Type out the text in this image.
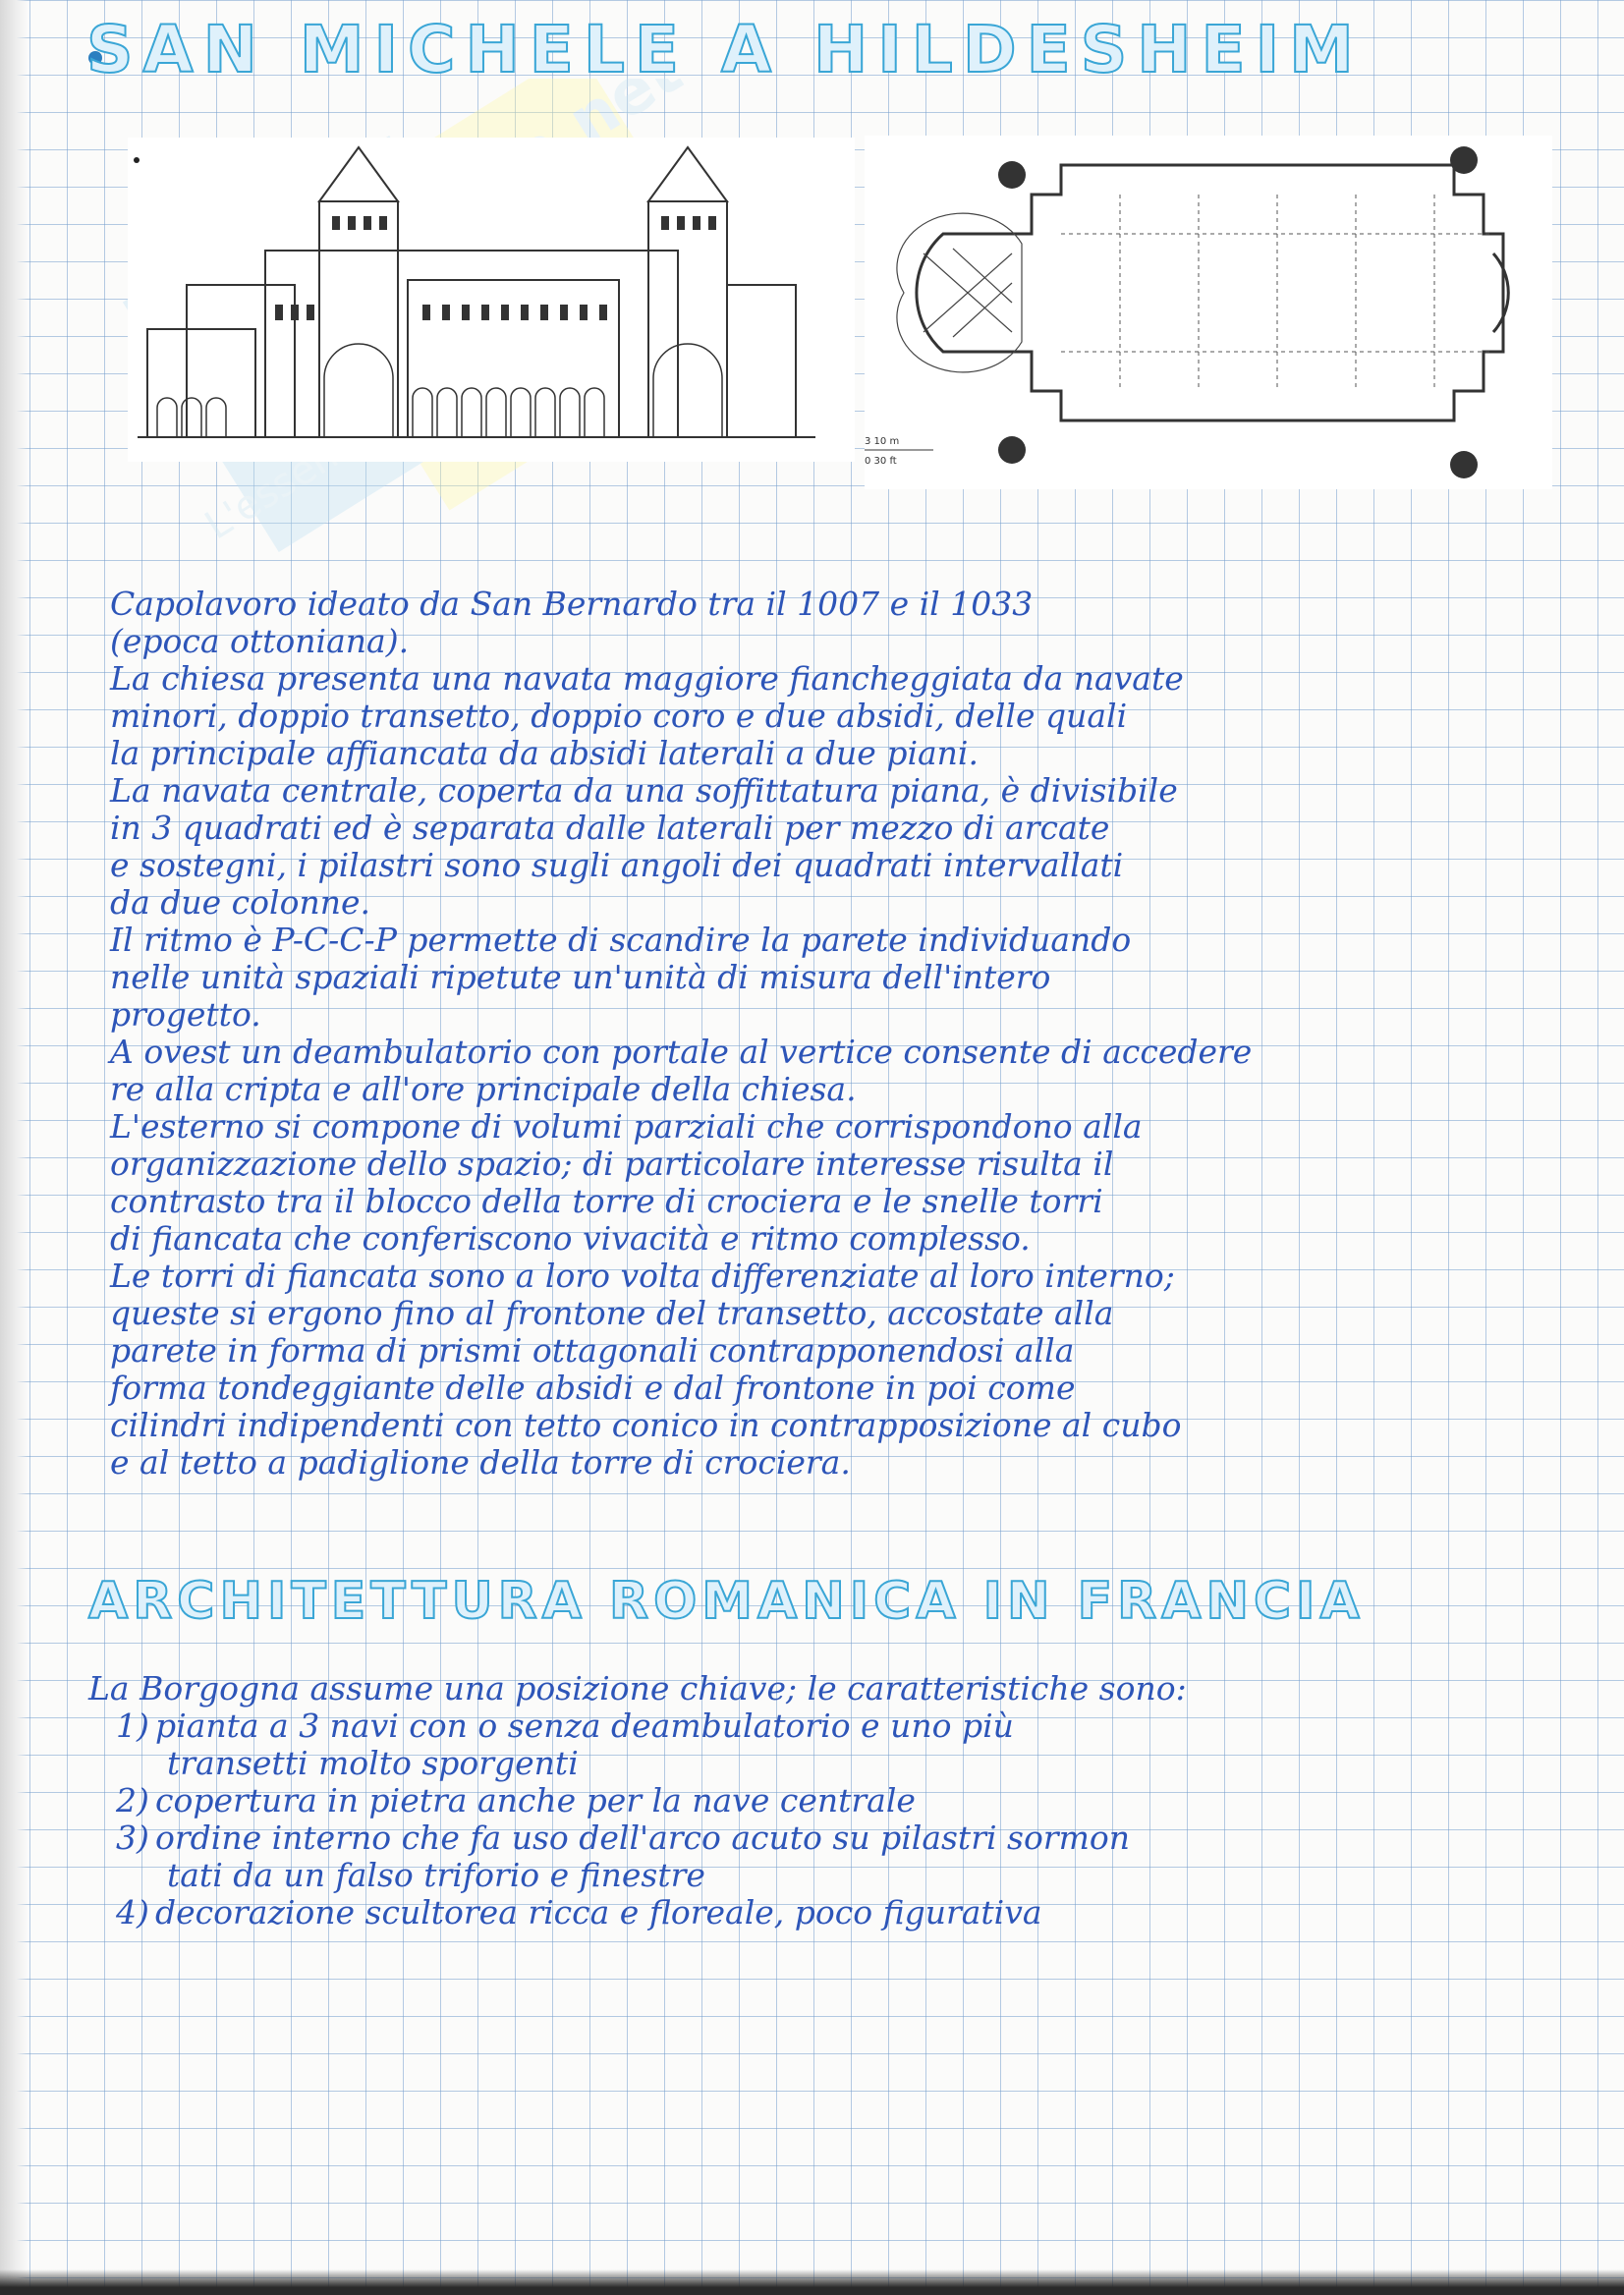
SAN MICHELE A HILDESHEIM
3 10 m
0 30 ft
Capolavoro ideato da San Bernardo tra il 1007 e il 1033
(epoca ottoniana).
La chiesa presenta una navata maggiore fiancheggiata da navate
minori, doppio transetto, doppio coro e due absidi, delle quali
la principale affiancata da absidi laterali a due piani.
La navata centrale, coperta da una soffittatura piana, è divisibile
in 3 quadrati ed è separata dalle laterali per mezzo di arcate
e sostegni, i pilastri sono sugli angoli dei quadrati intervallati
da due colonne.
Il ritmo è P-C-C-P permette di scandire la parete individuando
nelle unità spaziali ripetute un'unità di misura dell'intero
progetto.
A ovest un deambulatorio con portale al vertice consente di accedere
re alla cripta e all'ore principale della chiesa.
L'esterno si compone di volumi parziali che corrispondono alla
organizzazione dello spazio; di particolare interesse risulta il
contrasto tra il blocco della torre di crociera e le snelle torri
di fiancata che conferiscono vivacità e ritmo complesso.
Le torri di fiancata sono a loro volta differenziate al loro interno;
queste si ergono fino al frontone del transetto, accostate alla
parete in forma di prismi ottagonali contrapponendosi alla
forma tondeggiante delle absidi e dal frontone in poi come
cilindri indipendenti con tetto conico in contrapposizione al cubo
e al tetto a padiglione della torre di crociera.
ARCHITETTURA ROMANICA IN FRANCIA
La Borgogna assume una posizione chiave; le caratteristiche sono:
1) pianta a 3 navi con o senza deambulatorio e uno più
transetti molto sporgenti
2) copertura in pietra anche per la nave centrale
3) ordine interno che fa uso dell'arco acuto su pilastri sormon
tati da un falso triforio e finestre
4) decorazione scultorea ricca e floreale, poco figurativa
